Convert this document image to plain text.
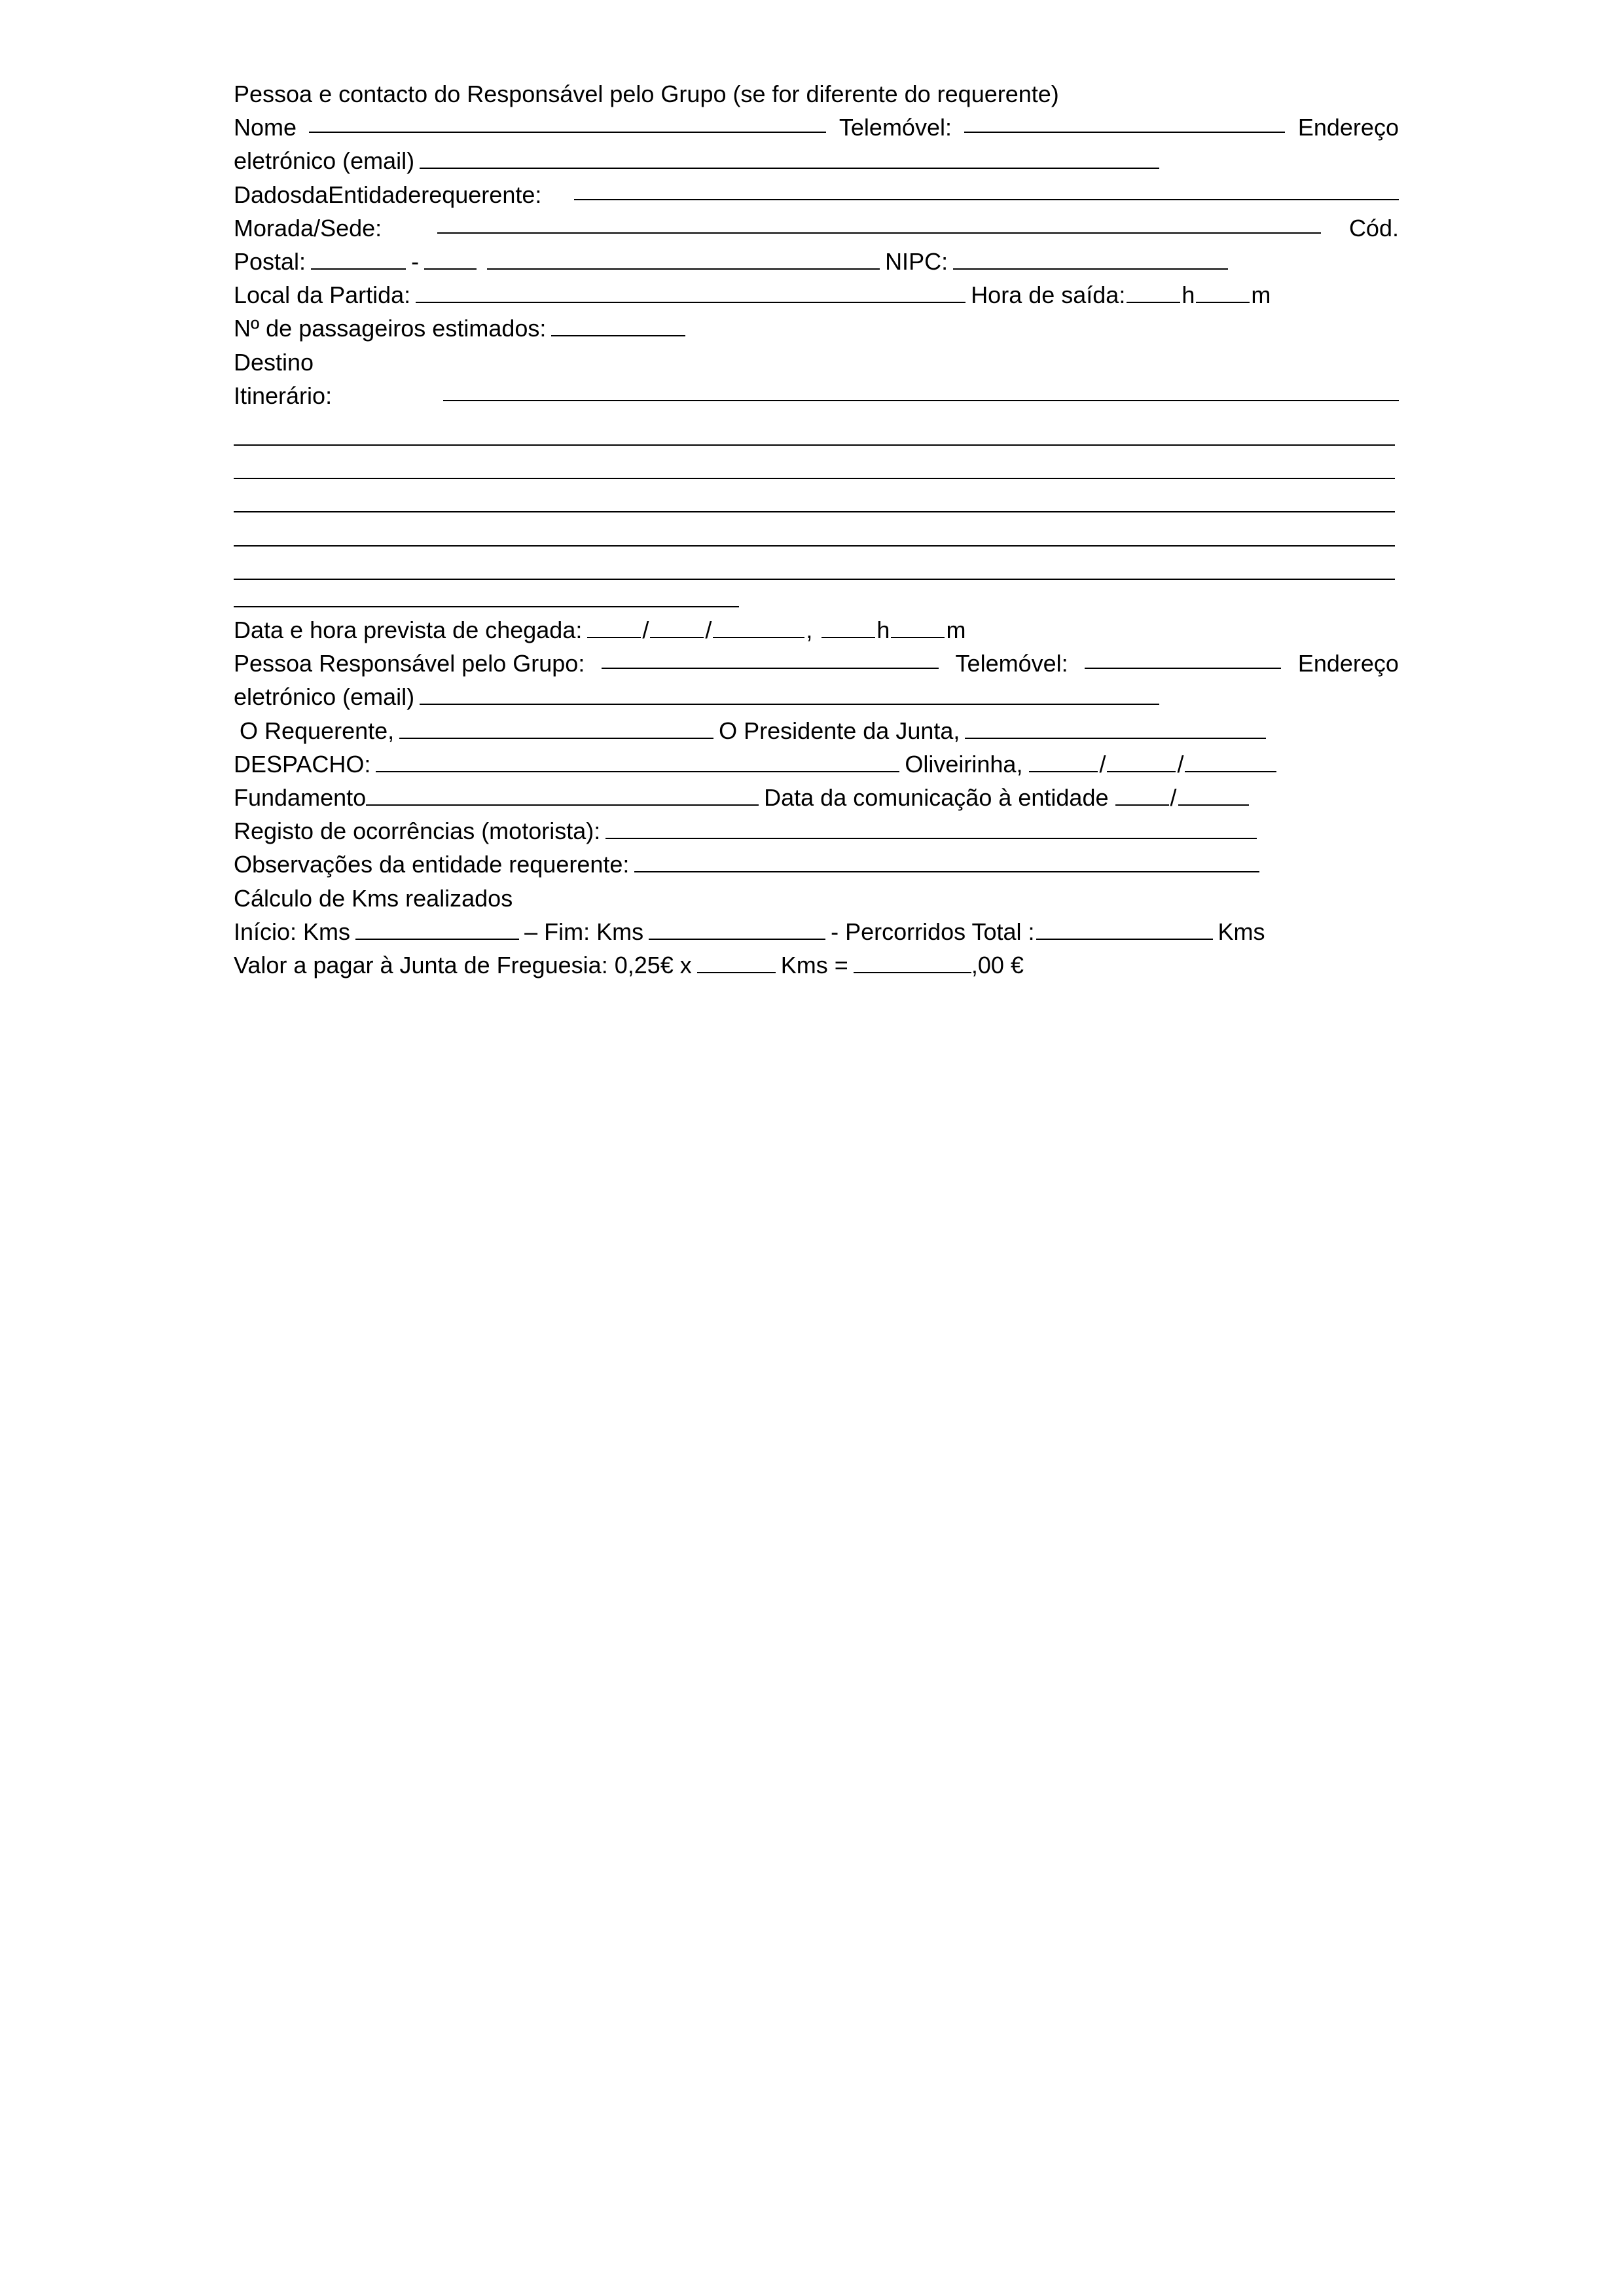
Pessoa e contacto do Responsável pelo Grupo (se for diferente do requerente)
Nome	Telemóvel:	Endereço
eletrónico (email)
Dados da Entidade requerente:
Morada/Sede:	Cód.
Postal:	-	NIPC:
Local da Partida:	Hora de saída: h m
Nº de passageiros estimados:
Destino
Itinerário:
Data e hora prevista de chegada:	/ /	,	h m
Pessoa Responsável pelo Grupo:	Telemóvel:	Endereço
eletrónico (email)
O Requerente,	O Presidente da Junta,
DESPACHO:	Oliveirinha,	/	/
Fundamento	Data da comunicação à entidade	/
Registo de ocorrências (motorista):
Observações da entidade requerente:
Cálculo de Kms realizados
Início: Kms	– Fim: Kms	- Percorridos Total :	Kms
Valor a pagar à Junta de Freguesia: 0,25€ x	Kms =	,00 €
